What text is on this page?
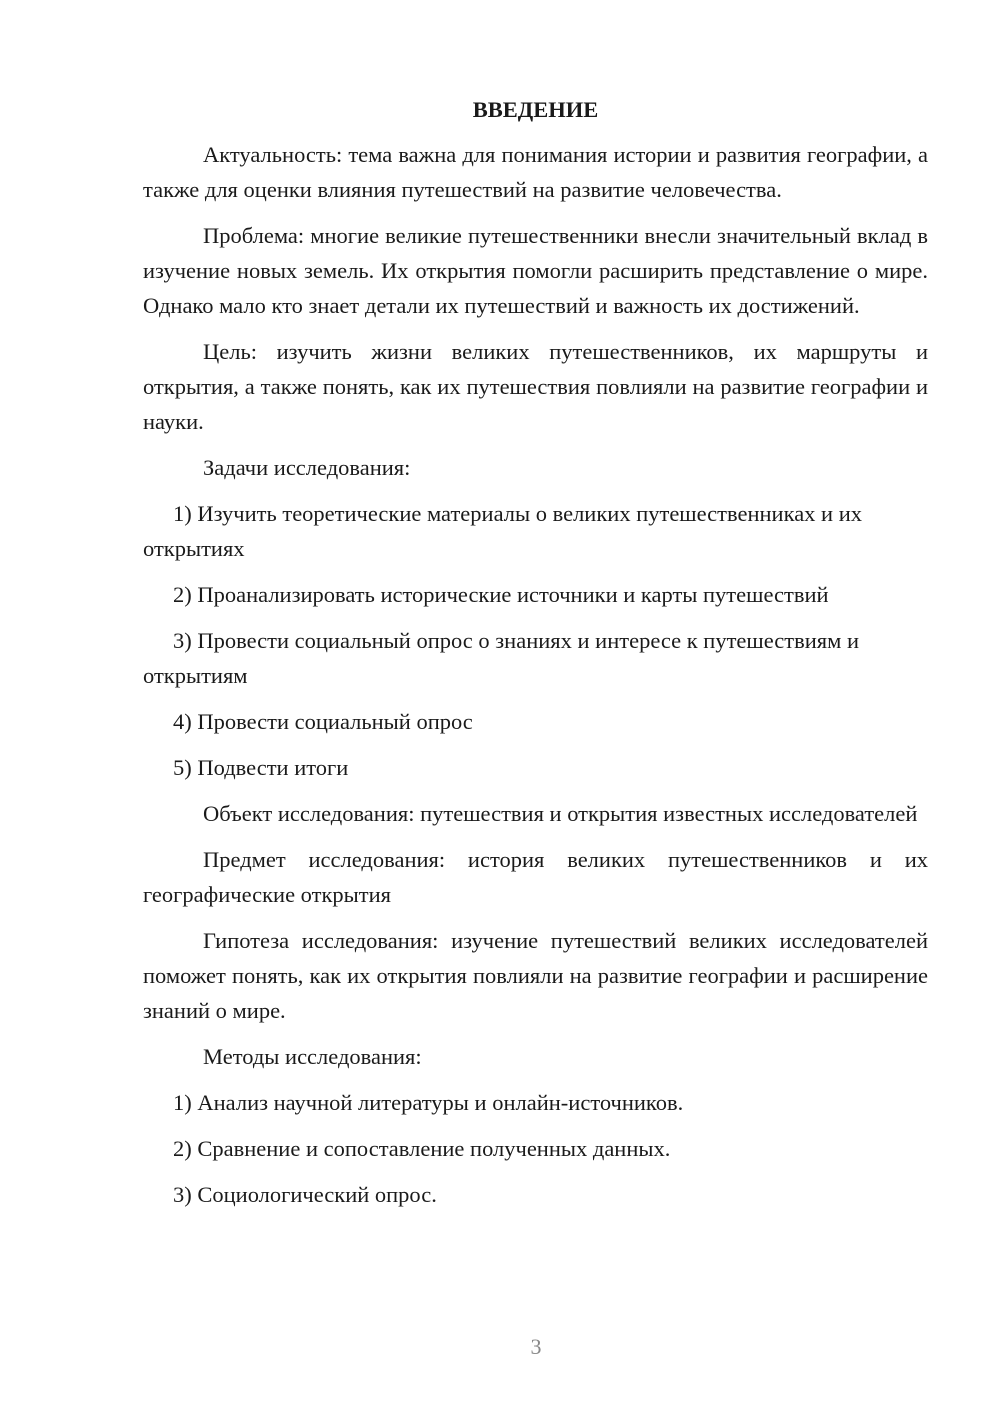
ВВЕДЕНИЕ

Актуальность: тема важна для понимания истории и развития географии, а также для оценки влияния путешествий на развитие человечества.

Проблема: многие великие путешественники внесли значительный вклад в изучение новых земель. Их открытия помогли расширить представление о мире. Однако мало кто знает детали их путешествий и важность их достижений.

Цель: изучить жизни великих путешественников, их маршруты и открытия, а также понять, как их путешествия повлияли на развитие географии и науки.

Задачи исследования:

1) Изучить теоретические материалы о великих путешественниках и их открытиях

2) Проанализировать исторические источники и карты путешествий

3) Провести социальный опрос о знаниях и интересе к путешествиям и открытиям

4) Провести социальный опрос

5) Подвести итоги

Объект исследования: путешествия и открытия известных исследователей

Предмет исследования: история великих путешественников и их географические открытия

Гипотеза исследования: изучение путешествий великих исследователей поможет понять, как их открытия повлияли на развитие географии и расширение знаний о мире.

Методы исследования:

1) Анализ научной литературы и онлайн-источников.

2) Сравнение и сопоставление полученных данных.

3) Социологический опрос.

3
